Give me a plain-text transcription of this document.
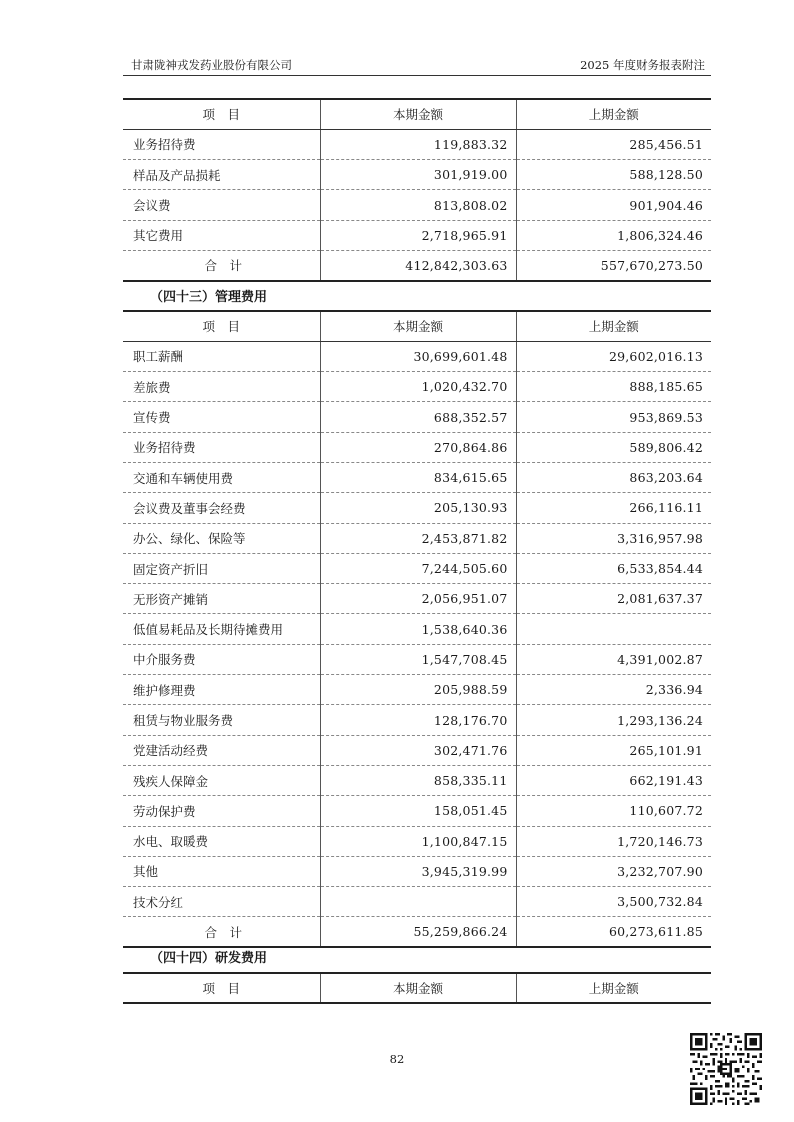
甘肃陇神戎发药业股份有限公司	2025 年度财务报表附注
项　目	本期金额	上期金额
业务招待费	119,883.32	285,456.51
样品及产品损耗	301,919.00	588,128.50
会议费	813,808.02	901,904.46
其它费用	2,718,965.91	1,806,324.46
合　计	412,842,303.63	557,670,273.50
（四十三）管理费用
项　目	本期金额	上期金额
职工薪酬	30,699,601.48	29,602,016.13
差旅费	1,020,432.70	888,185.65
宣传费	688,352.57	953,869.53
业务招待费	270,864.86	589,806.42
交通和车辆使用费	834,615.65	863,203.64
会议费及董事会经费	205,130.93	266,116.11
办公、绿化、保险等	2,453,871.82	3,316,957.98
固定资产折旧	7,244,505.60	6,533,854.44
无形资产摊销	2,056,951.07	2,081,637.37
低值易耗品及长期待摊费用	1,538,640.36	
中介服务费	1,547,708.45	4,391,002.87
维护修理费	205,988.59	2,336.94
租赁与物业服务费	128,176.70	1,293,136.24
党建活动经费	302,471.76	265,101.91
残疾人保障金	858,335.11	662,191.43
劳动保护费	158,051.45	110,607.72
水电、取暖费	1,100,847.15	1,720,146.73
其他	3,945,319.99	3,232,707.90
技术分红		3,500,732.84
合　计	55,259,866.24	60,273,611.85
（四十四）研发费用
项　目	本期金额	上期金额
82
